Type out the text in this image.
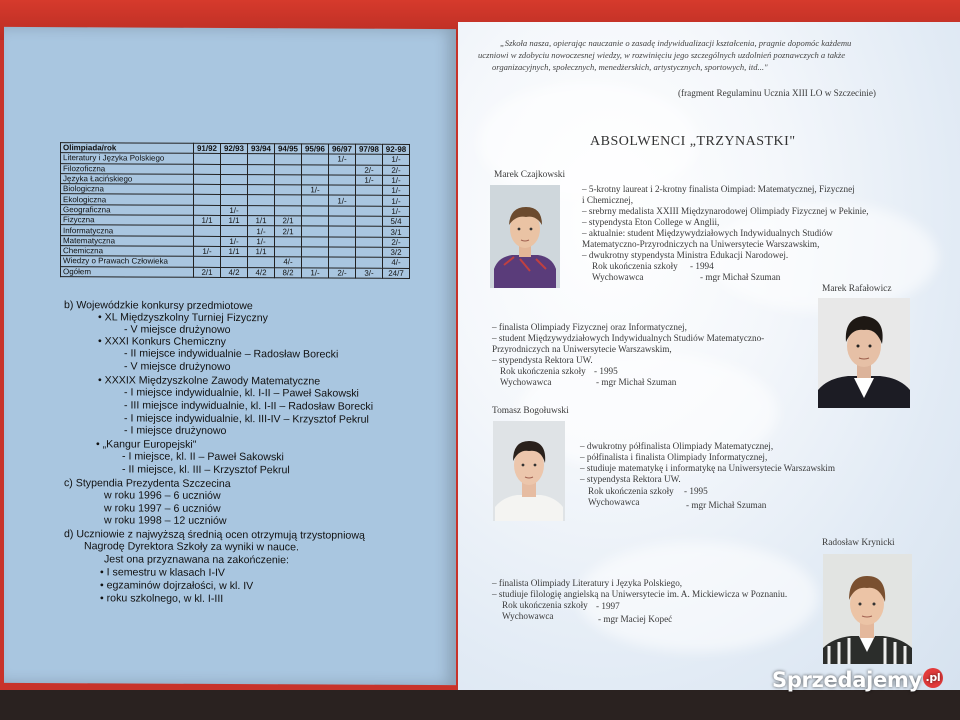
Olimpiada/rok	91/92	92/93	93/94	94/95	95/96	96/97	97/98	92-98
Literatury i Języka Polskiego						1/-		1/-
Filozoficzna							2/-	2/-
Języka Łacińskiego							1/-	1/-
Biologiczna					1/-			1/-
Ekologiczna						1/-		1/-
Geograficzna		1/-						1/-
Fizyczna	1/1	1/1	1/1	2/1				5/4
Informatyczna			1/-	2/1				3/1
Matematyczna		1/-	1/-					2/-
Chemiczna	1/-	1/1	1/1					3/2
Wiedzy o Prawach Człowieka				4/-				4/-
Ogółem	2/1	4/2	4/2	8/2	1/-	2/-	3/-	24/7
b) Wojewódzkie konkursy przedmiotowe
• XL Międzyszkolny Turniej Fizyczny
- V miejsce drużynowo
• XXXI Konkurs Chemiczny
- II miejsce indywidualnie – Radosław Borecki
- V miejsce drużynowo
• XXXIX Międzyszkolne Zawody Matematyczne
- I miejsce indywidualnie, kl. I-II – Paweł Sakowski
- III miejsce indywidualnie, kl. I-II – Radosław Borecki
- I miejsce indywidualnie, kl. III-IV – Krzysztof Pekrul
- I miejsce drużynowo
• „Kangur Europejski"
- I miejsce, kl. II – Paweł Sakowski
- II miejsce, kl. III – Krzysztof Pekrul
c) Stypendia Prezydenta Szczecina
w roku 1996 – 6 uczniów
w roku 1997 – 6 uczniów
w roku 1998 – 12 uczniów
d) Uczniowie z najwyższą średnią ocen otrzymują trzystopniową
Nagrodę Dyrektora Szkoły za wyniki w nauce.
Jest ona przyznawana na zakończenie:
• I semestru w klasach I-IV
• egzaminów dojrzałości, w kl. IV
• roku szkolnego, w kl. I-III
„Szkoła nasza, opierając nauczanie o zasadę indywidualizacji kształcenia, pragnie dopomóc każdemu
uczniowi w zdobyciu nowoczesnej wiedzy, w rozwinięciu jego szczególnych uzdolnień poznawczych a także
organizacyjnych, społecznych, menedżerskich, artystycznych, sportowych, itd..."
(fragment Regulaminu Ucznia XIII LO w Szczecinie)
ABSOLWENCI „TRZYNASTKI"
Marek Czajkowski
– 5-krotny laureat i 2-krotny finalista Oimpiad: Matematycznej, Fizycznej
i Chemicznej,
– srebrny medalista XXIII Międzynarodowej Olimpiady Fizycznej w Pekinie,
– stypendysta Eton College w Anglii,
– aktualnie: student Międzywydziałowych Indywidualnych Studiów
Matematyczno-Przyrodniczych na Uniwersytecie Warszawskim,
– dwukrotny stypendysta Ministra Edukacji Narodowej.
Rok ukończenia szkoły - 1994
Wychowawca	- mgr Michał Szuman
Marek Rafałowicz
– finalista Olimpiady Fizycznej oraz Informatycznej,
– student Międzywydziałowych Indywidualnych Studiów Matematyczno-
Przyrodniczych na Uniwersytecie Warszawskim,
– stypendysta Rektora UW.
Rok ukończenia szkoły - 1995
Wychowawca	- mgr Michał Szuman
Tomasz Bogołuwski
– dwukrotny półfinalista Olimpiady Matematycznej,
– półfinalista i finalista Olimpiady Informatycznej,
– studiuje matematykę i informatykę na Uniwersytecie Warszawskim
– stypendysta Rektora UW.
Rok ukończenia szkoły - 1995
Wychowawca	- mgr Michał Szuman
Radosław Krynicki
– finalista Olimpiady Literatury i Języka Polskiego,
– studiuje filologię angielską na Uniwersytecie im. A. Mickiewicza w Poznaniu.
Rok ukończenia szkoły - 1997
Wychowawca	- mgr Maciej Kopeć
Sprzedajemy .pl
